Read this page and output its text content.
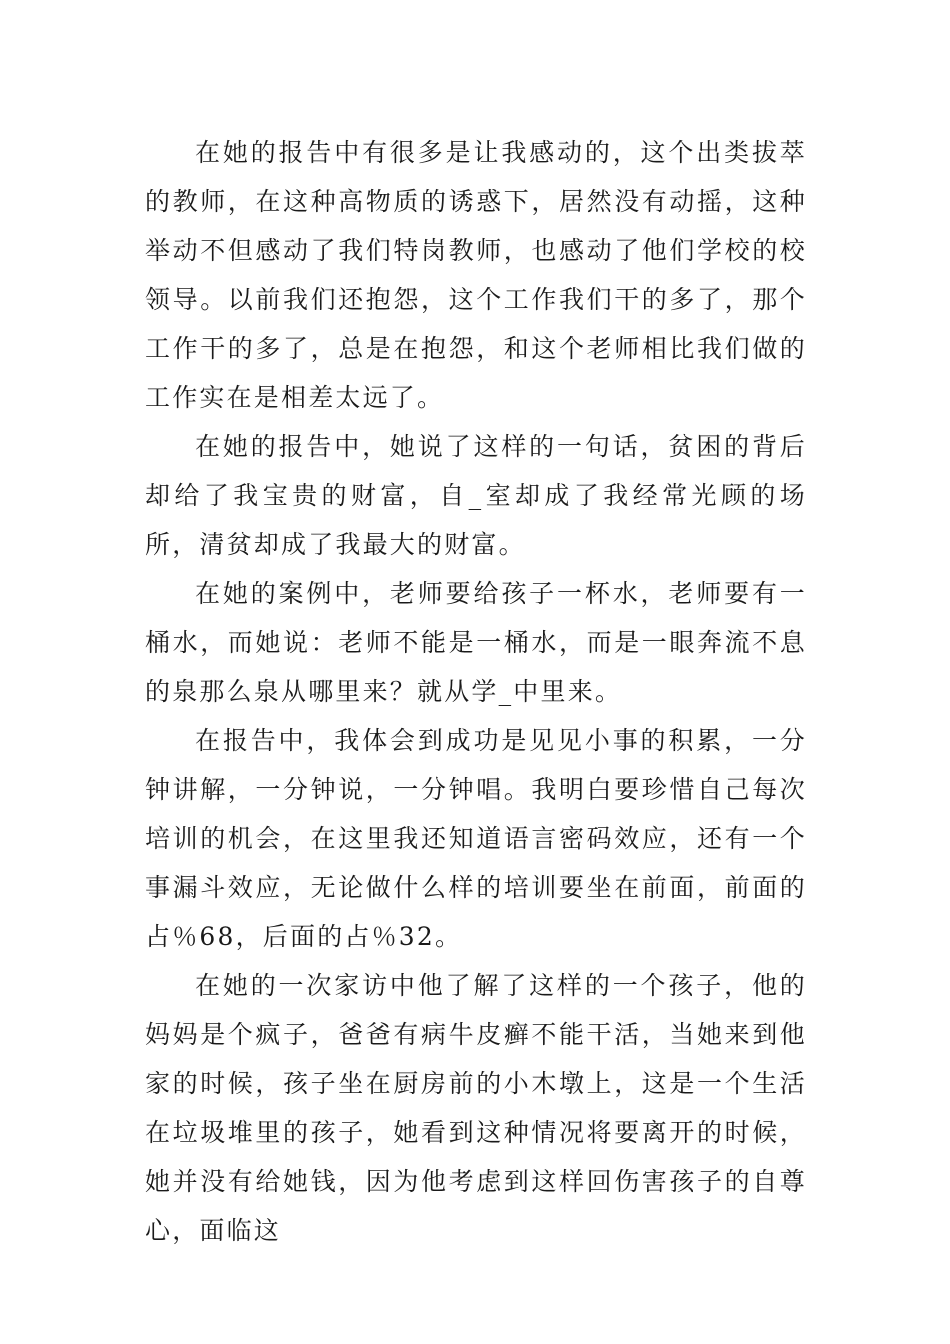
在她的报告中有很多是让我感动的，这个出类拔萃的教师，在这种高物质的诱惑下，居然没有动摇，这种举动不但感动了我们特岗教师，也感动了他们学校的校领导。以前我们还抱怨，这个工作我们干的多了，那个工作干的多了，总是在抱怨，和这个老师相比我们做的工作实在是相差太远了。

在她的报告中，她说了这样的一句话，贫困的背后却给了我宝贵的财富，自_室却成了我经常光顾的场所，清贫却成了我最大的财富。

在她的案例中，老师要给孩子一杯水，老师要有一桶水，而她说：老师不能是一桶水，而是一眼奔流不息的泉那么泉从哪里来？就从学_中里来。

在报告中，我体会到成功是见见小事的积累，一分钟讲解，一分钟说，一分钟唱。我明白要珍惜自己每次培训的机会，在这里我还知道语言密码效应，还有一个事漏斗效应，无论做什么样的培训要坐在前面，前面的占％68，后面的占％32。

在她的一次家访中他了解了这样的一个孩子，他的妈妈是个疯子，爸爸有病牛皮癣不能干活，当她来到他家的时候，孩子坐在厨房前的小木墩上，这是一个生活在垃圾堆里的孩子，她看到这种情况将要离开的时候，她并没有给她钱，因为他考虑到这样回伤害孩子的自尊心，面临这
